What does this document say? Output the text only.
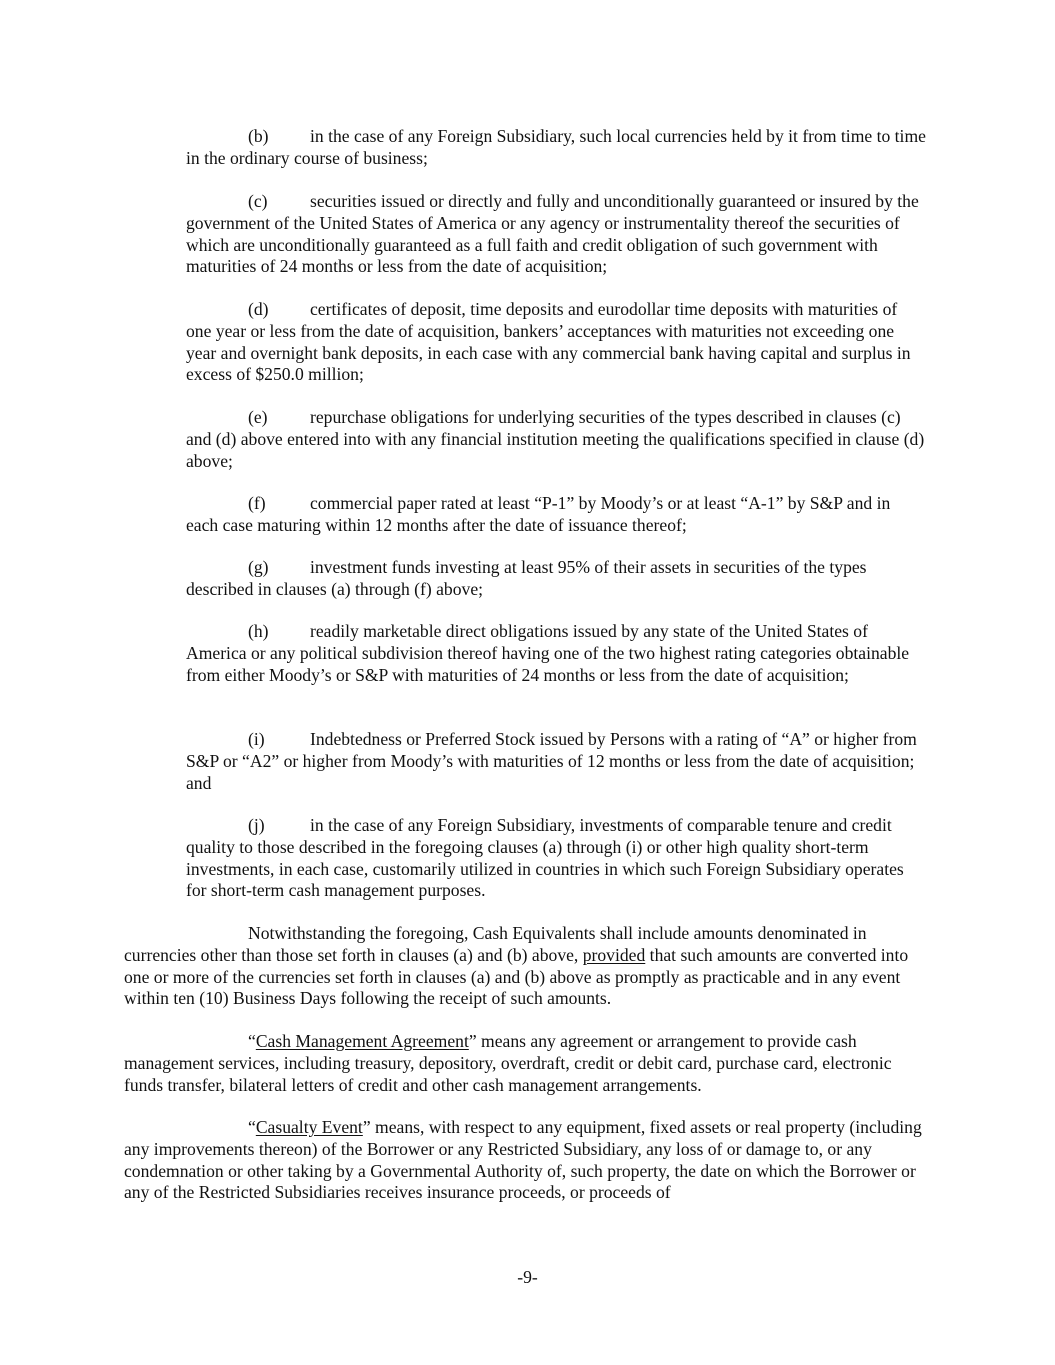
(b) in the case of any Foreign Subsidiary, such local currencies held by it from time to time in the ordinary course of business;

(c) securities issued or directly and fully and unconditionally guaranteed or insured by the government of the United States of America or any agency or instrumentality thereof the securities of which are unconditionally guaranteed as a full faith and credit obligation of such government with maturities of 24 months or less from the date of acquisition;

(d) certificates of deposit, time deposits and eurodollar time deposits with maturities of one year or less from the date of acquisition, bankers’ acceptances with maturities not exceeding one year and overnight bank deposits, in each case with any commercial bank having capital and surplus in excess of $250.0 million;

(e) repurchase obligations for underlying securities of the types described in clauses (c) and (d) above entered into with any financial institution meeting the qualifications specified in clause (d) above;

(f)	commercial paper rated at least “P-1” by Moody’s or at least “A-1” by S&P and in each case maturing within 12 months after the date of issuance thereof;

(g) investment funds investing at least 95% of their assets in securities of the types described in clauses (a) through (f) above;

(h) readily marketable direct obligations issued by any state of the United States of America or any political subdivision thereof having one of the two highest rating categories obtainable from either Moody’s or S&P with maturities of 24 months or less from the date of acquisition;

(i)	Indebtedness or Preferred Stock issued by Persons with a rating of “A” or higher from S&P or “A2” or higher from Moody’s with maturities of 12 months or less from the date of acquisition; and

(j)	in the case of any Foreign Subsidiary, investments of comparable tenure and credit quality to those described in the foregoing clauses (a) through (i) or other high quality short-term investments, in each case, customarily utilized in countries in which such Foreign Subsidiary operates for short-term cash management purposes.

Notwithstanding the foregoing, Cash Equivalents shall include amounts denominated in currencies other than those set forth in clauses (a) and (b) above, provided that such amounts are converted into one or more of the currencies set forth in clauses (a) and (b) above as promptly as practicable and in any event within ten (10) Business Days following the receipt of such amounts.

“Cash Management Agreement” means any agreement or arrangement to provide cash management services, including treasury, depository, overdraft, credit or debit card, purchase card, electronic funds transfer, bilateral letters of credit and other cash management arrangements.

“Casualty Event” means, with respect to any equipment, fixed assets or real property (including any improvements thereon) of the Borrower or any Restricted Subsidiary, any loss of or damage to, or any condemnation or other taking by a Governmental Authority of, such property, the date on which the Borrower or any of the Restricted Subsidiaries receives insurance proceeds, or proceeds of

-9-
